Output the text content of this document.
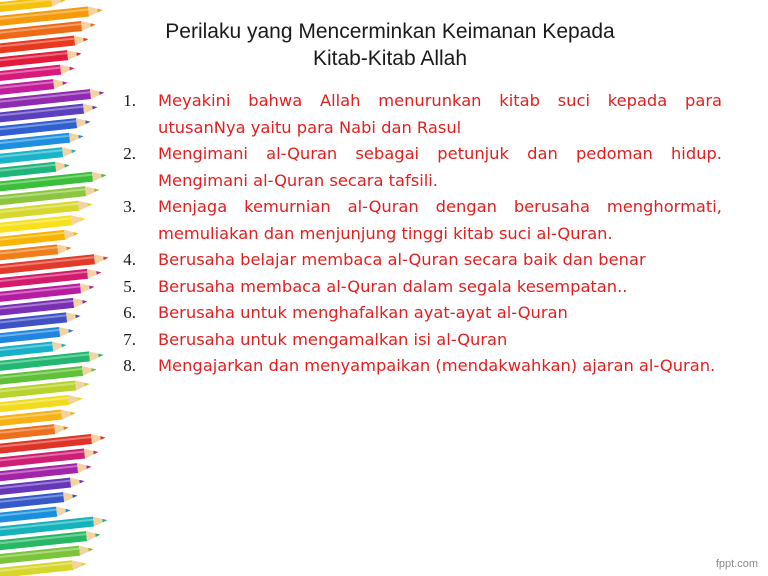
Perilaku yang Mencerminkan Keimanan Kepada
Kitab-Kitab Allah
1. Meyakini bahwa Allah menurunkan kitab suci kepada para utusanNya yaitu para Nabi dan Rasul
2. Mengimani al-Quran sebagai petunjuk dan pedoman hidup. Mengimani al-Quran secara tafsili.
3. Menjaga kemurnian al-Quran dengan berusaha menghormati, memuliakan dan menjunjung tinggi kitab suci al-Quran.
4. Berusaha belajar membaca al-Quran secara baik dan benar
5. Berusaha membaca al-Quran dalam segala kesempatan..
6. Berusaha untuk menghafalkan ayat-ayat al-Quran
7. Berusaha untuk mengamalkan isi al-Quran
8. Mengajarkan dan menyampaikan (mendakwahkan) ajaran al-Quran.
fppt.com
